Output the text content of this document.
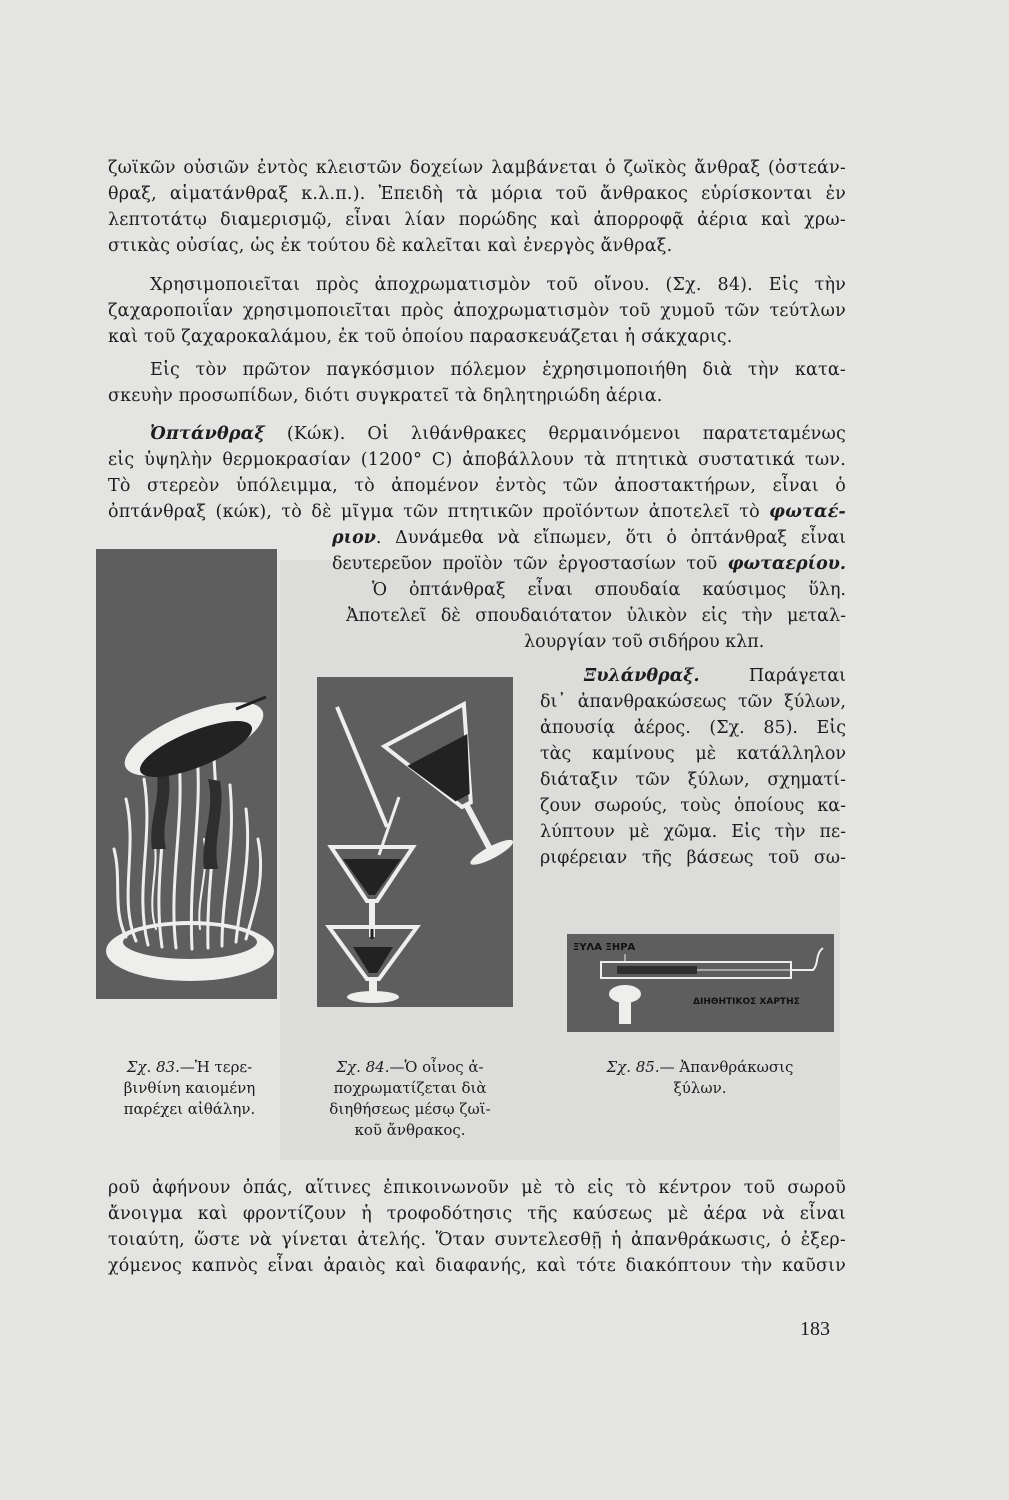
ζωϊκῶν οὐσιῶν ἐντὸς κλειστῶν δοχείων λαμβάνεται ὁ ζωϊκὸς ἄνθραξ (ὀστεάν-
θραξ, αἱματάνθραξ κ.λ.π.). Ἐπειδὴ τὰ μόρια τοῦ ἄνθρακος εὑρίσκονται ἐν
λεπτοτάτῳ διαμερισμῷ, εἶναι λίαν πορώδης καὶ ἀπορροφᾷ ἀέρια καὶ χρω-
στικὰς οὐσίας, ὡς ἐκ τούτου δὲ καλεῖται καὶ ἐνεργὸς ἄνθραξ.
Χρησιμοποιεῖται πρὸς ἀποχρωματισμὸν τοῦ οἴνου. (Σχ. 84). Εἰς τὴν
ζαχαροποιΐαν χρησιμοποιεῖται πρὸς ἀποχρωματισμὸν τοῦ χυμοῦ τῶν τεύτλων
καὶ τοῦ ζαχαροκαλάμου, ἐκ τοῦ ὁποίου παρασκευάζεται ἡ σάκχαρις.
Εἰς τὸν πρῶτον παγκόσμιον πόλεμον ἐχρησιμοποιήθη διὰ τὴν κατα-
σκευὴν προσωπίδων, διότι συγκρατεῖ τὰ δηλητηριώδη ἀέρια.
Ὀπτάνθραξ (Κώκ). Οἱ λιθάνθρακες θερμαινόμενοι παρατεταμένως
εἰς ὑψηλὴν θερμοκρασίαν (1200° C) ἀποβάλλουν τὰ πτητικὰ συστατικά των.
Τὸ στερεὸν ὑπόλειμμα, τὸ ἀπομένον ἐντὸς τῶν ἀποστακτήρων, εἶναι ὁ
ὀπτάνθραξ (κώκ), τὸ δὲ μῖγμα τῶν πτητικῶν προϊόντων ἀποτελεῖ τὸ φωταέ-
ριον. Δυνάμεθα νὰ εἴπωμεν, ὅτι ὁ ὀπτάνθραξ εἶναι
δευτερεῦον προϊὸν τῶν ἐργοστασίων τοῦ φωταερίου.
Ὁ ὀπτάνθραξ εἶναι σπουδαία καύσιμος ὕλη.
Ἀποτελεῖ δὲ σπουδαιότατον ὑλικὸν εἰς τὴν μεταλ-
λουργίαν τοῦ σιδήρου κλπ.
Ξυλάνθραξ. Παράγεται
δι᾽ ἀπανθρακώσεως τῶν ξύλων,
ἀπουσίᾳ ἀέρος. (Σχ. 85). Εἰς
τὰς καμίνους μὲ κατάλληλον
διάταξιν τῶν ξύλων, σχηματί-
ζουν σωρούς, τοὺς ὁποίους κα-
λύπτουν μὲ χῶμα. Εἰς τὴν πε-
ριφέρειαν τῆς βάσεως τοῦ σω-
ΞΥΛΑ ΞΗΡΑ
ΔΙΗΘΗΤΙΚΟΣ ΧΑΡΤΗΣ
Σχ. 83.—Ἡ τερε-
βινθίνη καιομένη
παρέχει αἰθάλην.
Σχ. 84.—Ὁ οἶνος ἀ-
ποχρωματίζεται διὰ
διηθήσεως μέσῳ ζωϊ-
κοῦ ἄνθρακος.
Σχ. 85.— Ἀπανθράκωσις
ξύλων.
ροῦ ἀφήνουν ὀπάς, αἵτινες ἐπικοινωνοῦν μὲ τὸ εἰς τὸ κέντρον τοῦ σωροῦ
ἄνοιγμα καὶ φροντίζουν ἡ τροφοδότησις τῆς καύσεως μὲ ἀέρα νὰ εἶναι
τοιαύτη, ὥστε νὰ γίνεται ἀτελής. Ὅταν συντελεσθῇ ἡ ἀπανθράκωσις, ὁ ἐξερ-
χόμενος καπνὸς εἶναι ἀραιὸς καὶ διαφανής, καὶ τότε διακόπτουν τὴν καῦσιν
183
